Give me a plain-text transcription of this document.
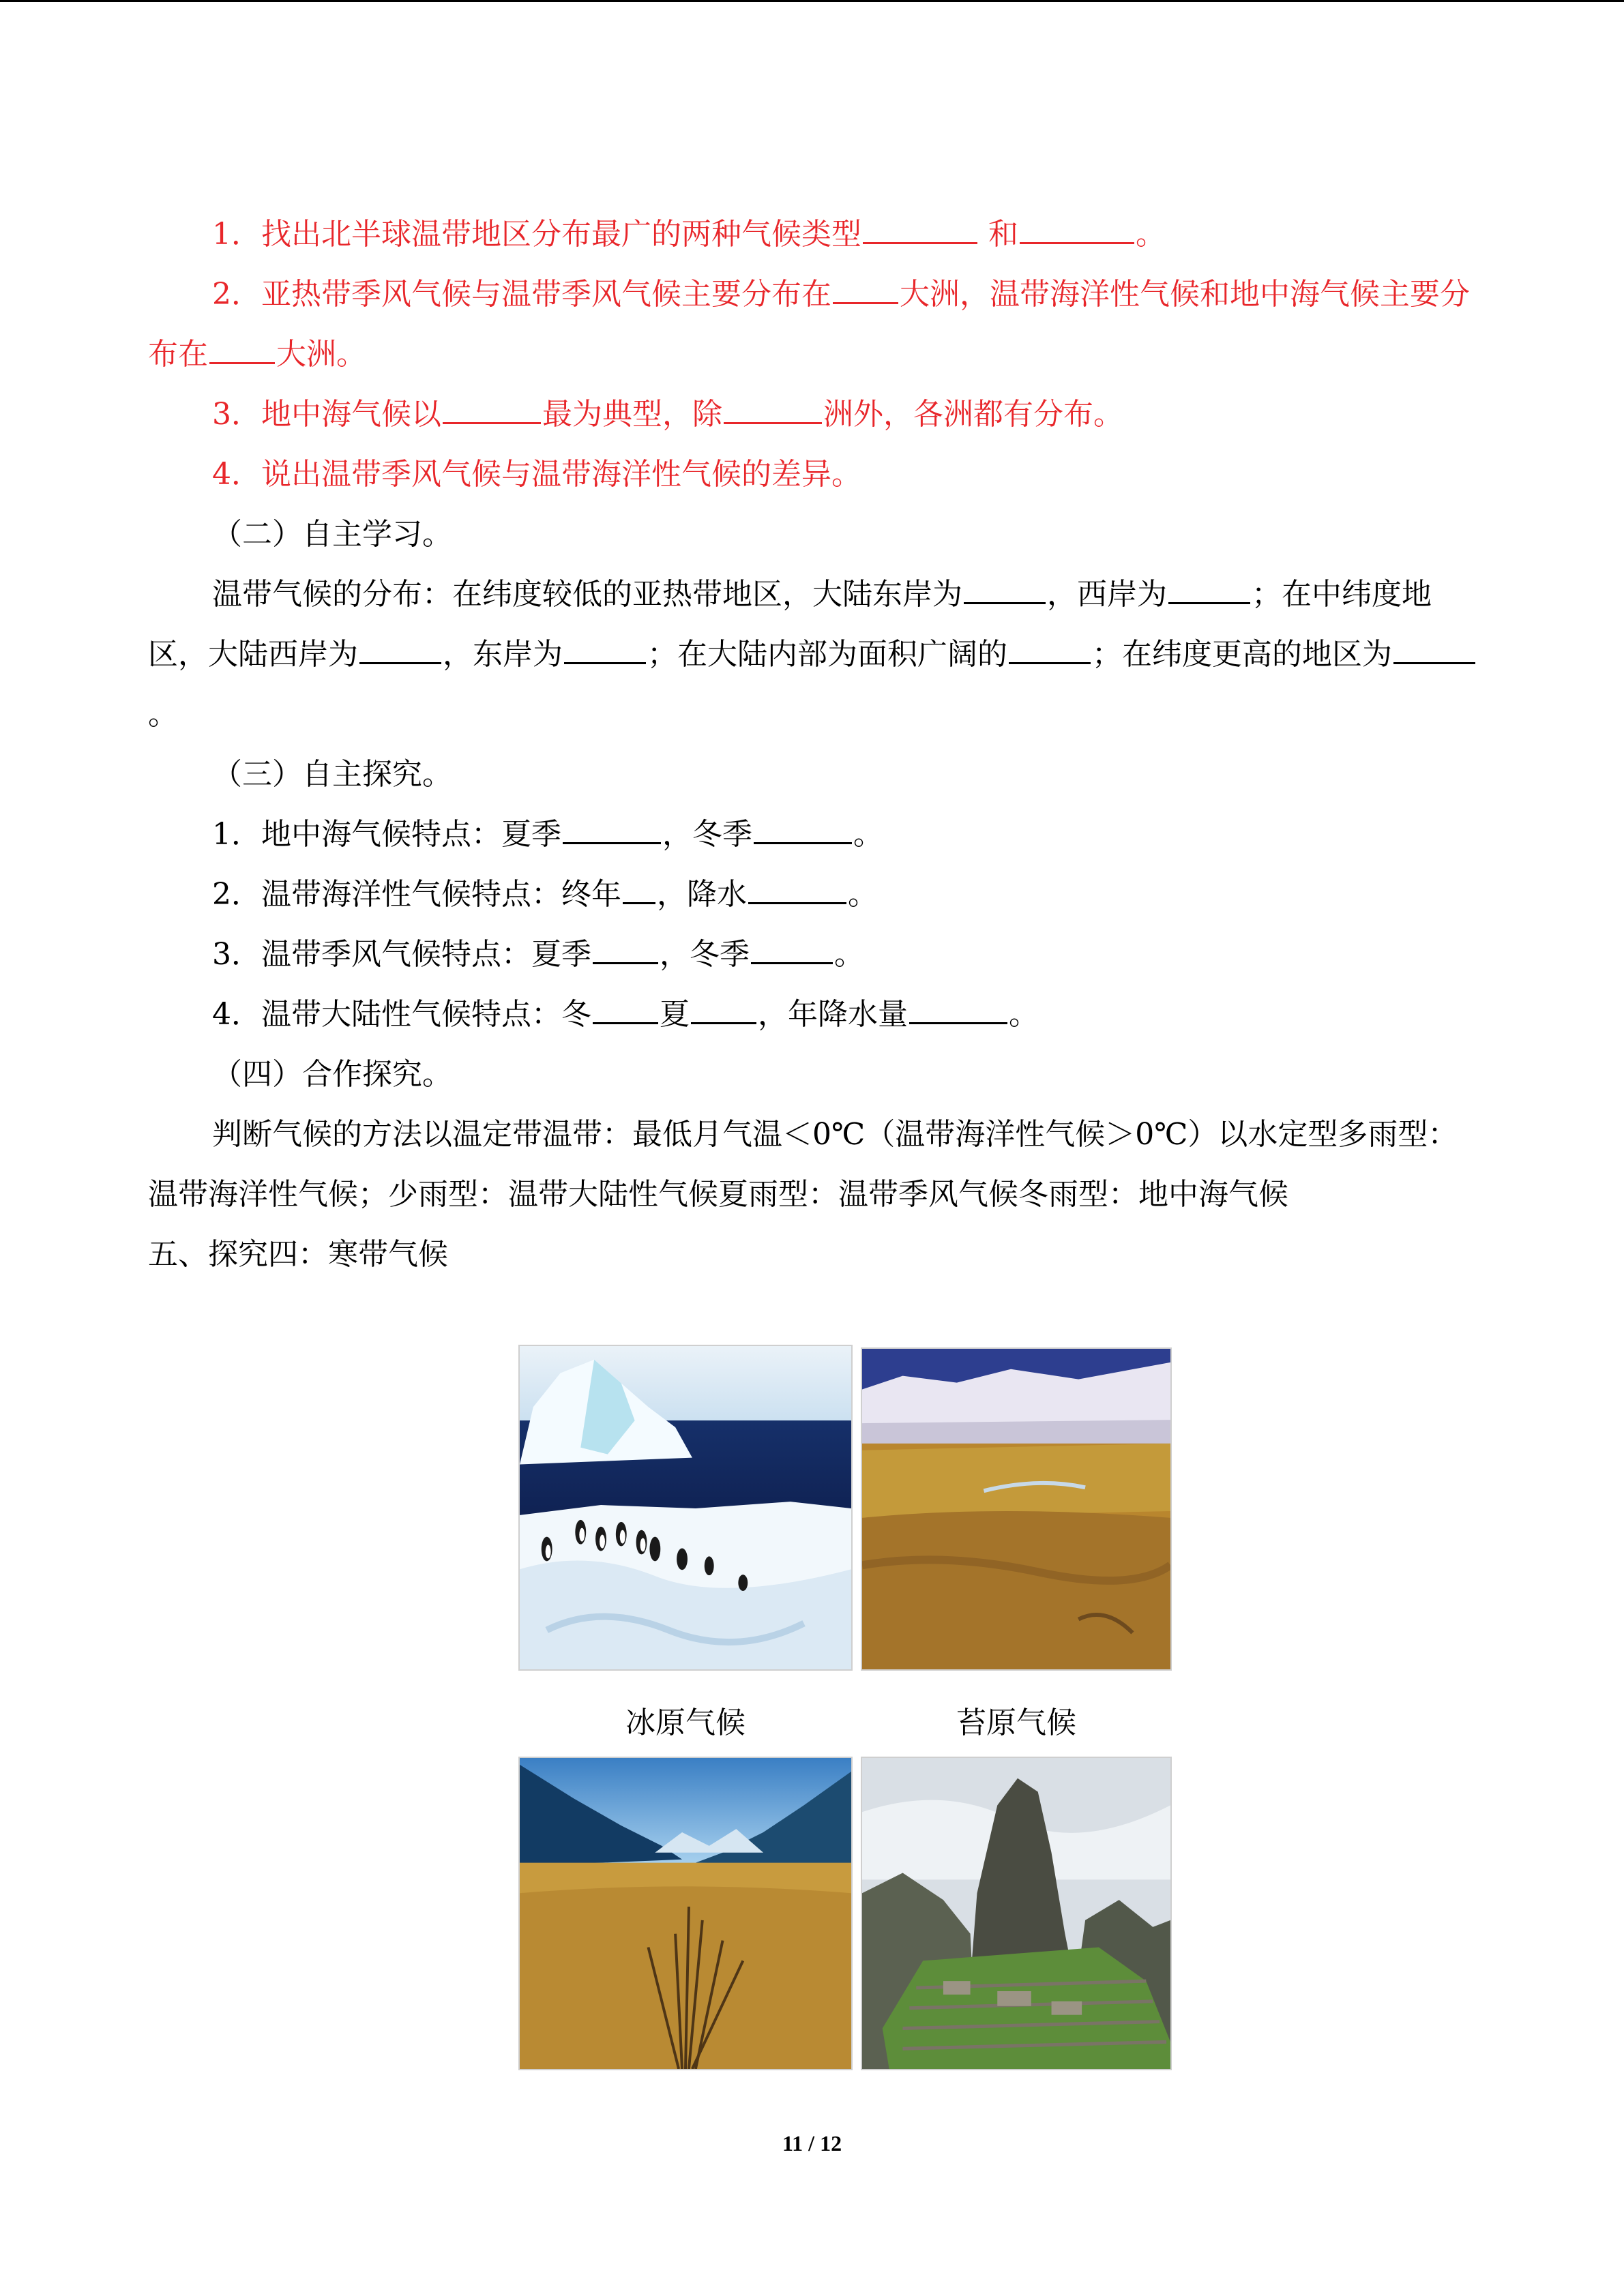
1．找出北半球温带地区分布最广的两种气候类型	和	。

2．亚热带季风气候与温带季风气候主要分布在 大洲，温带海洋性气候和地中海气候主要分布在 大洲。

3．地中海气候以	最为典型，除	洲外，各洲都有分布。

4．说出温带季风气候与温带海洋性气候的差异。

（二）自主学习。

温带气候的分布：在纬度较低的亚热带地区，大陆东岸为	，西岸为	；在中纬度地区，大陆西岸为	，东岸为	；在大陆内部为面积广阔的	；在纬度更高的地区为。

（三）自主探究。

1．地中海气候特点：夏季	，冬季	。

2．温带海洋性气候特点：终年 ，降水	。

3．温带季风气候特点：夏季 ，冬季	。

4．温带大陆性气候特点：冬 夏 ，年降水量	。

（四）合作探究。

判断气候的方法以温定带温带：最低月气温＜0℃（温带海洋性气候＞0℃）以水定型多雨型：温带海洋性气候；少雨型：温带大陆性气候夏雨型：温带季风气候冬雨型：地中海气候

五、探究四：寒带气候

冰原气候	苔原气候
11 / 12
